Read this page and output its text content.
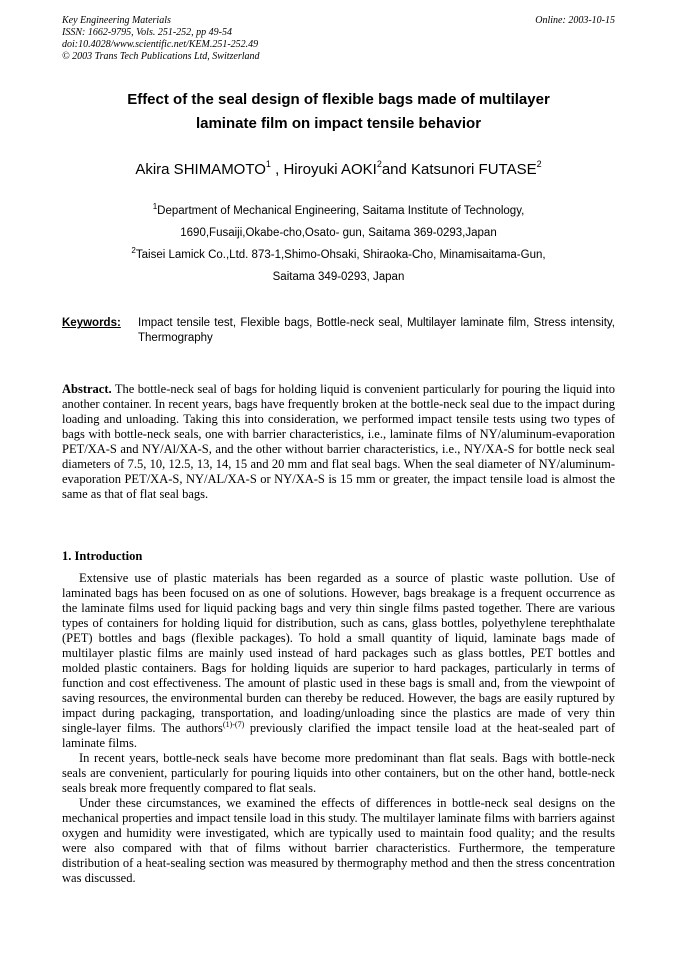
Key Engineering Materials
ISSN: 1662-9795, Vols. 251-252, pp 49-54
doi:10.4028/www.scientific.net/KEM.251-252.49
© 2003 Trans Tech Publications Ltd, Switzerland
Online: 2003-10-15
Effect of the seal design of flexible bags made of multilayer
laminate film on impact tensile behavior
Akira SHIMAMOTO$^1$ , Hiroyuki AOKI$^2$and Katsunori FUTASE$^2$
$^1$Department of Mechanical Engineering, Saitama Institute of Technology,
1690,Fusaiji,Okabe-cho,Osato- gun, Saitama 369-0293,Japan
$^2$Taisei Lamick Co.,Ltd. 873-1,Shimo-Ohsaki, Shiraoka-Cho, Minamisaitama-Gun,
Saitama 349-0293, Japan
Keywords:	Impact tensile test, Flexible bags, Bottle-neck seal, Multilayer laminate film, Stress intensity, Thermography

Abstract. The bottle-neck seal of bags for holding liquid is convenient particularly for pouring the liquid into another container. In recent years, bags have frequently broken at the bottle-neck seal due to the impact during loading and unloading. Taking this into consideration, we performed impact tensile tests using two types of bags with bottle-neck seals, one with barrier characteristics, i.e., laminate films of NY/aluminum-evaporation PET/XA-S and NY/Al/XA-S, and the other without barrier characteristics, i.e., NY/XA-S for bottle neck seal diameters of 7.5, 10, 12.5, 13, 14, 15 and 20 mm and flat seal bags. When the seal diameter of NY/aluminum- evaporation PET/XA-S, NY/AL/XA-S or NY/XA-S is 15 mm or greater, the impact tensile load is almost the same as that of flat seal bags.

1. Introduction

Extensive use of plastic materials has been regarded as a source of plastic waste pollution. Use of laminated bags has been focused on as one of solutions. However, bags breakage is a frequent occurrence as the laminate films used for liquid packing bags and very thin single films pasted together. There are various types of containers for holding liquid for distribution, such as cans, glass bottles, polyethylene terephthalate (PET) bottles and bags (flexible packages). To hold a small quantity of liquid, laminate bags made of multilayer plastic films are mainly used instead of hard packages such as glass bottles, PET bottles and molded plastic containers. Bags for holding liquids are superior to hard packages, particularly in terms of function and cost effectiveness. The amount of plastic used in these bags is small and, from the viewpoint of saving resources, the environmental burden can thereby be reduced. However, the bags are easily ruptured by impact during packaging, transportation, and loading/unloading since the plastics are made of very thin single-layer films. The authors$^{(1)-(7)}$ previously clarified the impact tensile load at the heat-sealed part of laminate films.

In recent years, bottle-neck seals have become more predominant than flat seals. Bags with bottle-neck seals are convenient, particularly for pouring liquids into other containers, but on the other hand, bottle-neck seals break more frequently compared to flat seals.

Under these circumstances, we examined the effects of differences in bottle-neck seal designs on the mechanical properties and impact tensile load in this study. The multilayer laminate films with barriers against oxygen and humidity were investigated, which are typically used to maintain food quality; and the results were also compared with that of films without barrier characteristics. Furthermore, the temperature distribution of a heat-sealing section was measured by thermography method and then the stress concentration was discussed.
